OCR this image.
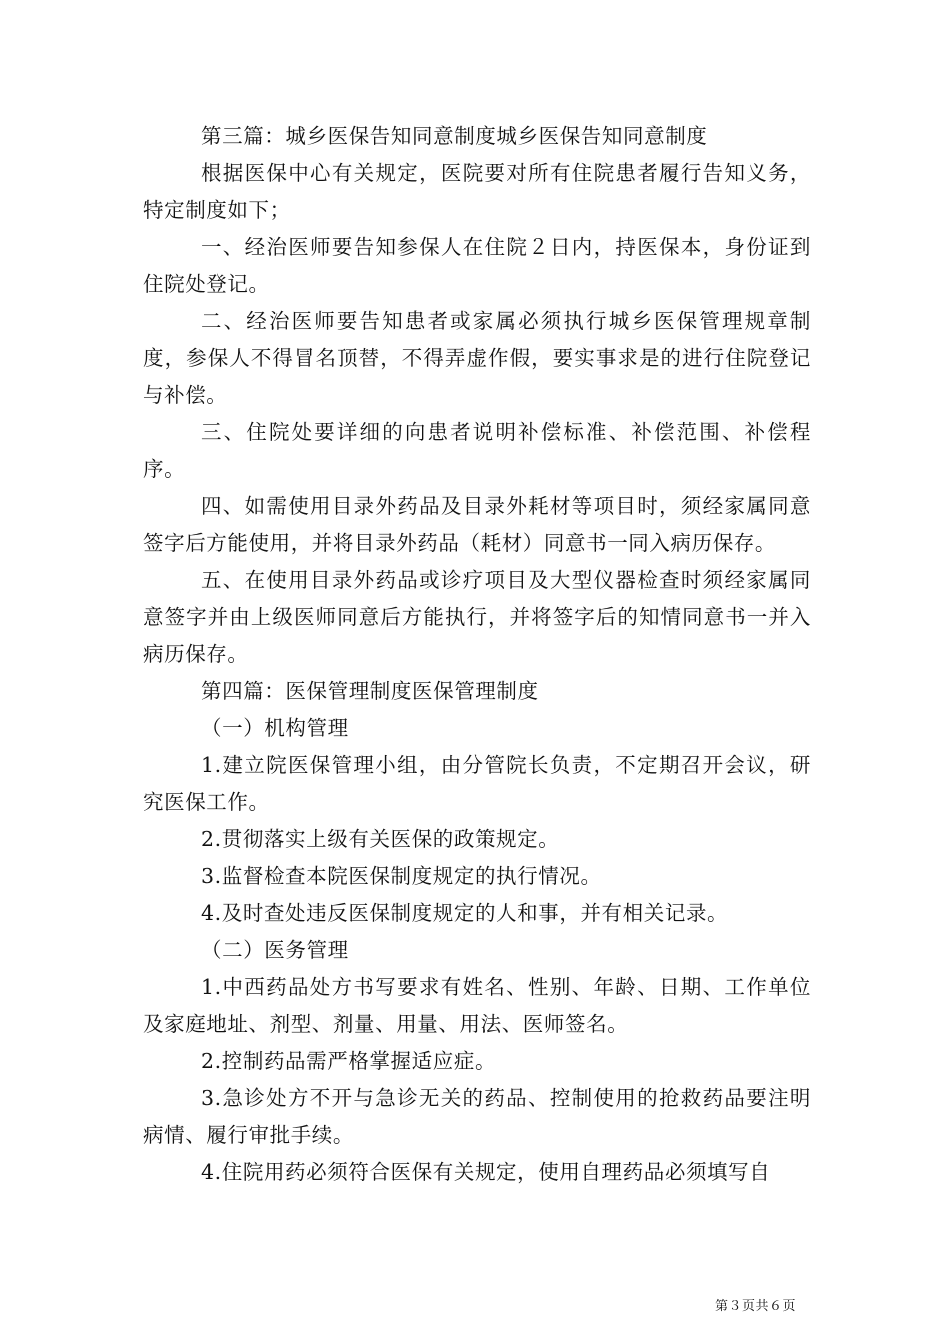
第三篇：城乡医保告知同意制度城乡医保告知同意制度

根据医保中心有关规定，医院要对所有住院患者履行告知义务，特定制度如下；

一、经治医师要告知参保人在住院２日内，持医保本，身份证到住院处登记。

二、经治医师要告知患者或家属必须执行城乡医保管理规章制度，参保人不得冒名顶替，不得弄虚作假，要实事求是的进行住院登记与补偿。

三、住院处要详细的向患者说明补偿标准、补偿范围、补偿程序。

四、如需使用目录外药品及目录外耗材等项目时，须经家属同意签字后方能使用，并将目录外药品（耗材）同意书一同入病历保存。

五、在使用目录外药品或诊疗项目及大型仪器检查时须经家属同意签字并由上级医师同意后方能执行，并将签字后的知情同意书一并入病历保存。

第四篇：医保管理制度医保管理制度

（一）机构管理

1.建立院医保管理小组，由分管院长负责，不定期召开会议，研究医保工作。

2.贯彻落实上级有关医保的政策规定。

3.监督检查本院医保制度规定的执行情况。

4.及时查处违反医保制度规定的人和事，并有相关记录。

（二）医务管理

1.中西药品处方书写要求有姓名、性别、年龄、日期、工作单位及家庭地址、剂型、剂量、用量、用法、医师签名。

2.控制药品需严格掌握适应症。

3.急诊处方不开与急诊无关的药品、控制使用的抢救药品要注明病情、履行审批手续。

4.住院用药必须符合医保有关规定，使用自理药品必须填写自

第３页共６页
